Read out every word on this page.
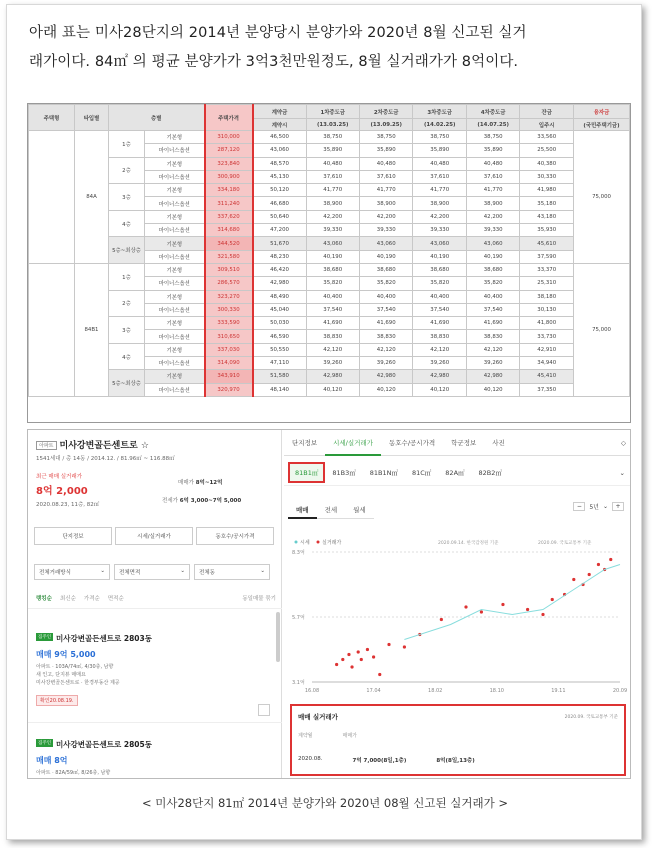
아래 표는 미사28단지의 2014년 분양당시 분양가와 2020년 8월 신고된 실거
래가이다. 84㎡ 의 평균 분양가가 3억3천만원정도, 8월 실거래가가 8억이다.
주택형	타입별	층별		주택가격	계약금	1차중도금	2차중도금	3차중도금	4차중도금	잔금	융자금
					계약시	(13.03.25)	(13.09.25)	(14.02.25)	(14.07.25)	입주시	(국민주택기금)
	84A	1층	기본형	310,000	46,500	38,750	38,750	38,750	38,750	33,560	75,000
			마이너스옵션	287,120	43,060	35,890	35,890	35,890	35,890	25,500	
		2층	기본형	323,840	48,570	40,480	40,480	40,480	40,480	40,380	
			마이너스옵션	300,900	45,130	37,610	37,610	37,610	37,610	30,330	
		3층	기본형	334,180	50,120	41,770	41,770	41,770	41,770	41,980	
			마이너스옵션	311,240	46,680	38,900	38,900	38,900	38,900	35,180	
		4층	기본형	337,620	50,640	42,200	42,200	42,200	42,200	43,180	
			마이너스옵션	314,680	47,200	39,330	39,330	39,330	39,330	35,930	
		5층~최상층	기본형	344,520	51,670	43,060	43,060	43,060	43,060	45,610	
			마이너스옵션	321,580	48,230	40,190	40,190	40,190	40,190	37,590	
	84B1	1층	기본형	309,510	46,420	38,680	38,680	38,680	38,680	33,370	75,000
			마이너스옵션	286,570	42,980	35,820	35,820	35,820	35,820	25,310	
		2층	기본형	323,270	48,490	40,400	40,400	40,400	40,400	38,180	
			마이너스옵션	300,330	45,040	37,540	37,540	37,540	37,540	30,130	
		3층	기본형	333,590	50,030	41,690	41,690	41,690	41,690	41,800	
			마이너스옵션	310,650	46,590	38,830	38,830	38,830	38,830	33,730	
		4층	기본형	337,030	50,550	42,120	42,120	42,120	42,120	42,910	
			마이너스옵션	314,090	47,110	39,260	39,260	39,260	39,260	34,940	
		5층~최상층	기본형	343,910	51,580	42,980	42,980	42,980	42,980	45,410	
			마이너스옵션	320,970	48,140	40,120	40,120	40,120	40,120	37,350	
아파트 미사강변골든센트로 ☆
1541세대 / 총 14동 / 2014.12. / 81.96㎡ ~ 116.88㎡
최근 매매 실거래가
8억 2,000
2020.08.23, 11층, 82㎡
매매가 8억~12억
전세가 6억 3,000~7억 5,000
단지정보	시세/실거래가	동호수/공시가격
전체거래방식	⌄	전체면적	⌄	전체동	⌄
랭킹순 최신순 가격순 면적순	동일매물 묶기
집주인 미사강변골든센트로 2803동
매매 9억 5,000
아파트 · 103A/74㎡, 4/30층, 남향
새 인고, 단지뷰 매매요
미사강변골든센트로 · 한경부동산 제공
확인20.08.19.
집주인 미사강변골든센트로 2805동
매매 8억
아파트 · 82A/59㎡, 8/26층, 남향
단지정보	시세/실거래가	동호수/공시가격	학군정보	사진	◇
81B1㎡	81B3㎡	81B1N㎡	81C㎡	82A㎡	82B2㎡	⌄
매매	전세	월세	−	5년 ⌄	+
시세 실거래가	2020.09.14. 한국감정원 기준	2020.09. 국토교통부 기준
8.3억
5.7억
3.1억
16.08	17.04	18.02	18.10	19.11	20.09
매매 실거래가	2020.09. 국토교통부 기준
계약월	매매가
2020.08.	7억 7,000(8일,1층)	8억(8일,13층)
< 미사28단지 81㎡ 2014년 분양가와 2020년 08월 신고된 실거래가 >
